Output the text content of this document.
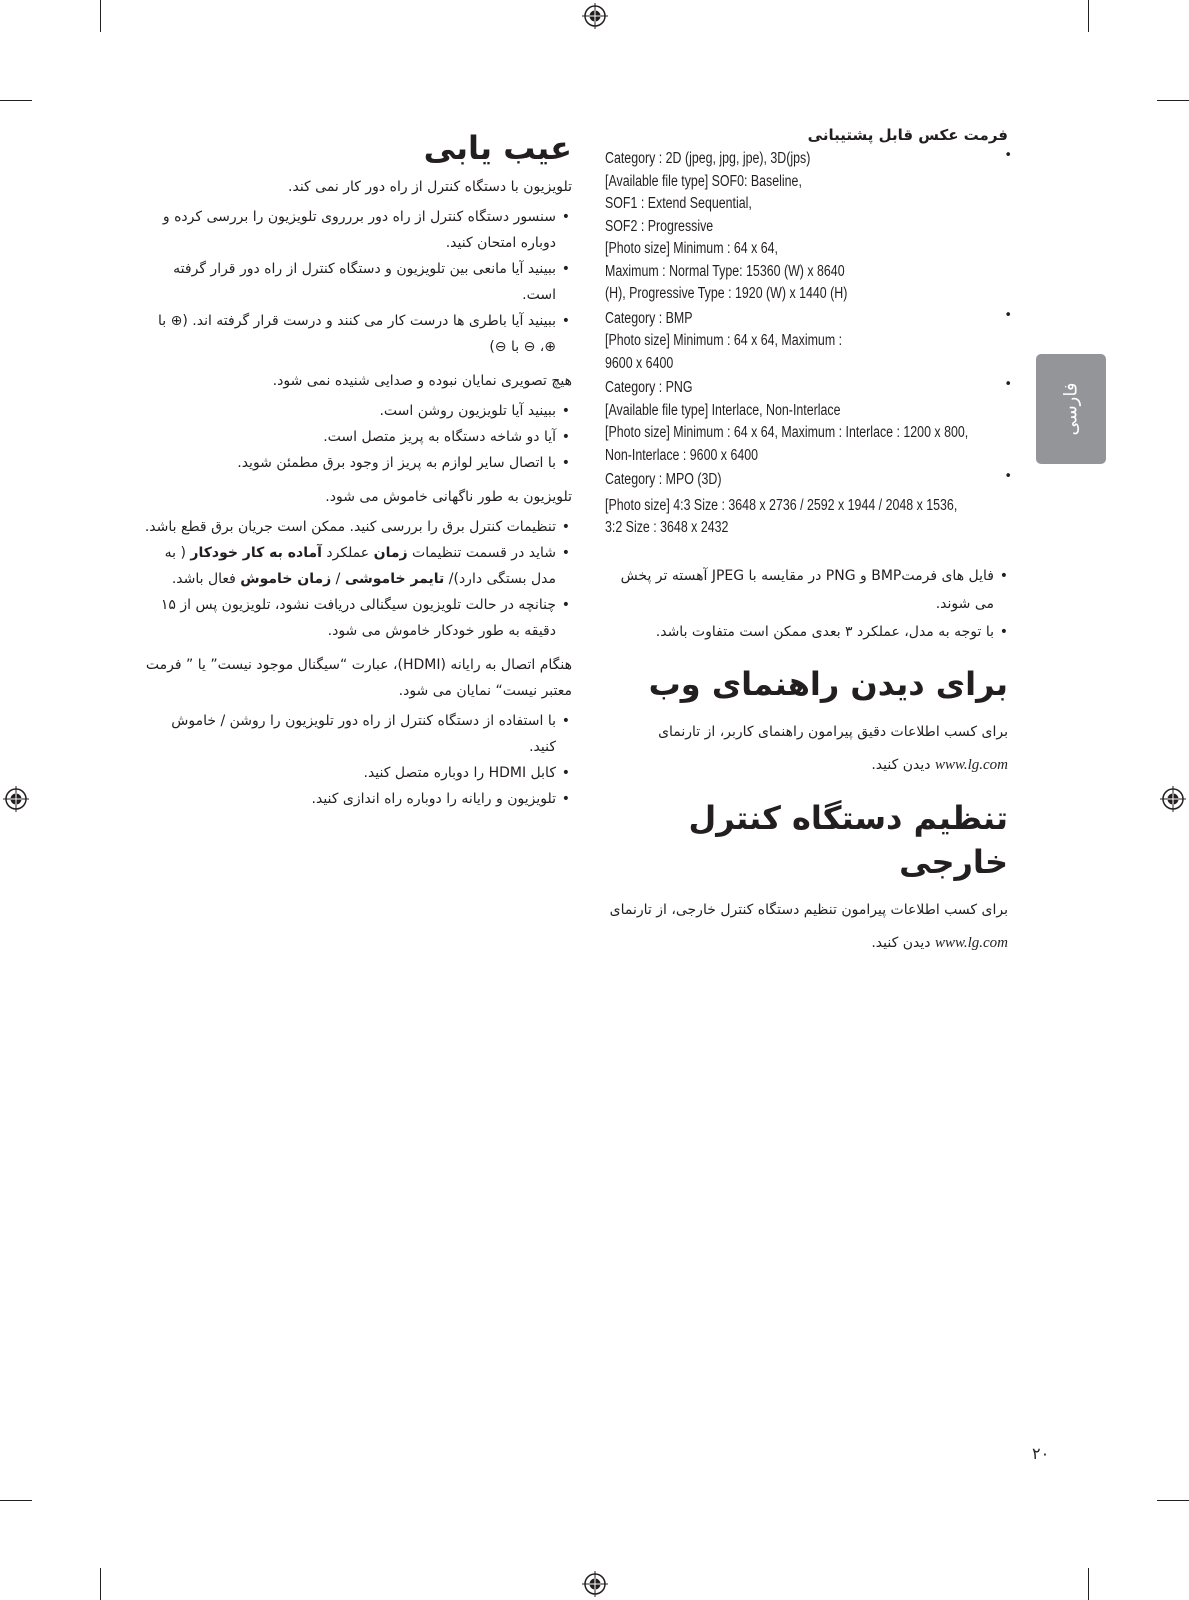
فرمت عکس قابل پشتیبانی
•
Category : 2D (jpeg, jpg, jpe), 3D(jps)
[Available file type] SOF0: Baseline,
SOF1 : Extend Sequential,
SOF2 : Progressive
[Photo size] Minimum : 64 x 64,
Maximum : Normal Type: 15360 (W) x 8640
(H), Progressive Type : 1920 (W) x 1440 (H)
•
Category : BMP
[Photo size] Minimum : 64 x 64, Maximum :
9600 x 6400
•
Category : PNG
[Available file type] Interlace, Non-Interlace
[Photo size] Minimum : 64 x 64, Maximum : Interlace : 1200 x 800,
Non-Interlace : 9600 x 6400
•
Category : MPO (3D)
[Photo size] 4:3 Size : 3648 x 2736 / 2592 x 1944 / 2048 x 1536,
3:2 Size : 3648 x 2432
• فایل های فرمتBMP و PNG در مقایسه با JPEG آهسته تر پخش می شوند.
• با توجه به مدل، عملکرد ۳ بعدی ممکن است متفاوت باشد.
برای دیدن راهنمای وب

برای کسب اطلاعات دقیق پیرامون راهنمای کاربر، از تارنمای
www.lg.com دیدن کنید.

تنظیم دستگاه کنترل خارجی

برای کسب اطلاعات پیرامون تنظیم دستگاه کنترل خارجی، از تارنمای
www.lg.com دیدن کنید.

عیب یابی

تلویزیون با دستگاه کنترل از راه دور کار نمی کند.

• سنسور دستگاه کنترل از راه دور بررروی تلویزیون را بررسی کرده و دوباره امتحان کنید.
• ببینید آیا مانعی بین تلویزیون و دستگاه کنترل از راه دور قرار گرفته است.
• ببینید آیا باطری ها درست کار می کنند و درست قرار گرفته اند. (⊕ با ⊕، ⊖ با ⊖)

هیچ تصویری نمایان نبوده و صدایی شنیده نمی شود.

• ببینید آیا تلویزیون روشن است.
• آیا دو شاخه دستگاه به پریز متصل است.
• با اتصال سایر لوازم به پریز از وجود برق مطمئن شوید.

تلویزیون به طور ناگهانی خاموش می شود.

• تنظیمات کنترل برق را بررسی کنید. ممکن است جریان برق قطع باشد.
• شاید در قسمت تنظیمات زمان عملکرد آماده به کار خودکار ( به مدل بستگی دارد)/ تایمر خاموشی / زمان خاموش فعال باشد.
• چنانچه در حالت تلویزیون سیگنالی دریافت نشود، تلویزیون پس از ۱۵ دقیقه به طور خودکار خاموش می شود.

هنگام اتصال به رایانه (HDMI)، عبارت “سیگنال موجود نیست” یا ” فرمت معتبر نیست“ نمایان می شود.

• با استفاده از دستگاه کنترل از راه دور تلویزیون را روشن / خاموش کنید.
• کابل HDMI را دوباره متصل کنید.
• تلویزیون و رایانه را دوباره راه اندازی کنید.
فارسی
۲۰
